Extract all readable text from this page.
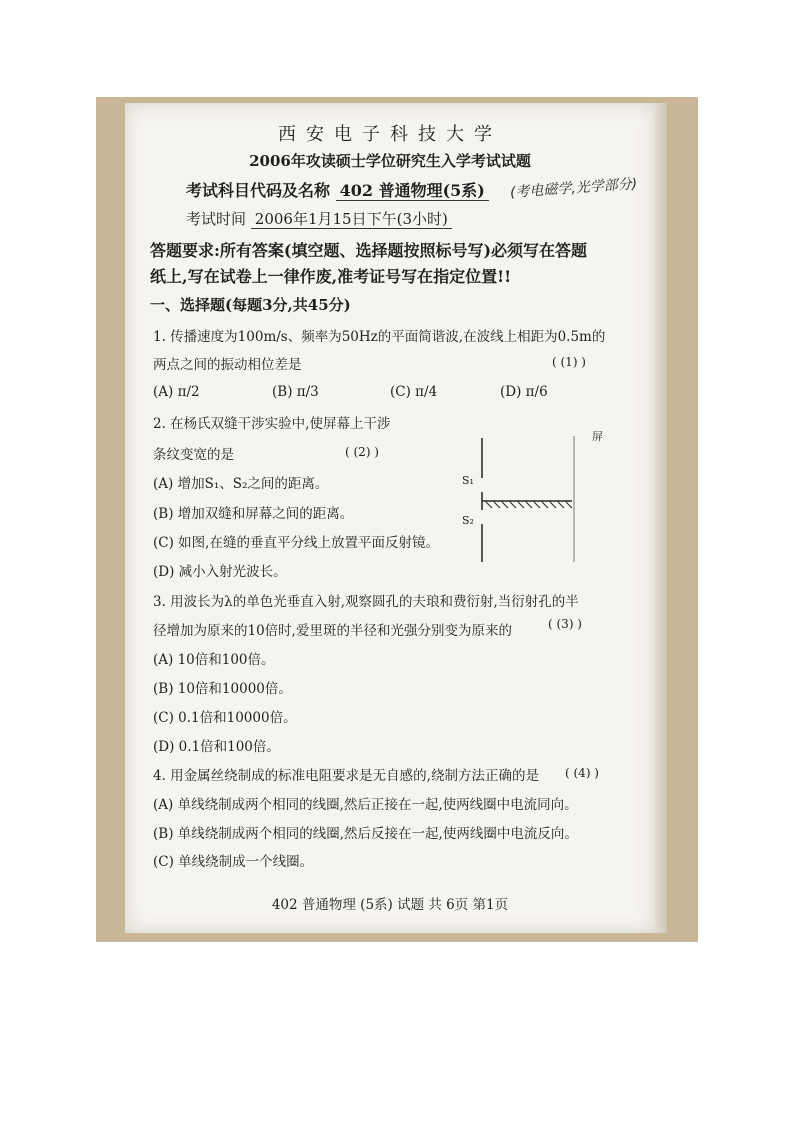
西安电子科技大学
2006年攻读硕士学位研究生入学考试试题
考试科目代码及名称 402 普通物理(5系) (考电磁学,光学部分)
考试时间 2006年1月15日下午(3小时)
答题要求:所有答案(填空题、选择题按照标号写)必须写在答题
纸上,写在试卷上一律作废,准考证号写在指定位置!!
一、选择题(每题3分,共45分)
1. 传播速度为100m/s、频率为50Hz的平面简谐波,在波线上相距为0.5m的
两点之间的振动相位差是	( (1) )
(A) π/2	(B) π/3	(C) π/4	(D) π/6
2. 在杨氏双缝干涉实验中,使屏幕上干涉
条纹变宽的是	( (2) )
(A) 增加S₁、S₂之间的距离。
(B) 增加双缝和屏幕之间的距离。
(C) 如图,在缝的垂直平分线上放置平面反射镜。
(D) 减小入射光波长。
屏
S₁
S₂
3. 用波长为λ的单色光垂直入射,观察圆孔的夫琅和费衍射,当衍射孔的半
径增加为原来的10倍时,爱里斑的半径和光强分别变为原来的	( (3) )
(A) 10倍和100倍。
(B) 10倍和10000倍。
(C) 0.1倍和10000倍。
(D) 0.1倍和100倍。
4. 用金属丝绕制成的标准电阻要求是无自感的,绕制方法正确的是 ( (4) )
(A) 单线绕制成两个相同的线圈,然后正接在一起,使两线圈中电流同向。
(B) 单线绕制成两个相同的线圈,然后反接在一起,使两线圈中电流反向。
(C) 单线绕制成一个线圈。
402 普通物理 (5系) 试题 共 6页 第1页
